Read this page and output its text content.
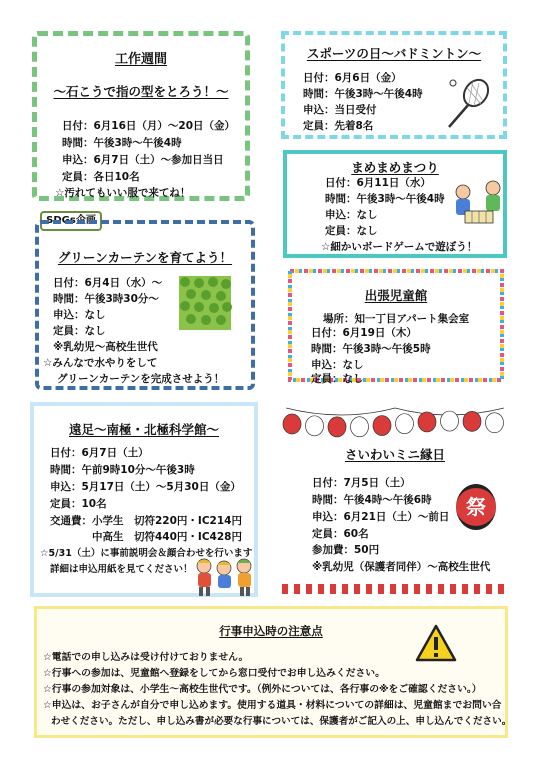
工作週間
～石こうで指の型をとろう！～
日付：6月16日（月）～20日（金）
時間：午後3時～午後4時
申込：6月7日（土）～参加日当日
定員：各日10名
☆汚れてもいい服で来てね！
スポーツの日～バドミントン～
日付：6月6日（金）
時間：午後3時～午後4時
申込：当日受付
定員：先着8名
まめまめまつり
日付：6月11日（水）
時間：午後3時～午後4時
申込：なし
定員：なし
☆細かいボードゲームで遊ぼう！
SDGs企画
グリーンカーテンを育てよう！
日付：6月4日（水）～
時間：午後3時30分～
申込：なし
定員：なし
※乳幼児～高校生世代
☆みんなで水やりをして
グリーンカーテンを完成させよう！
出張児童館
場所：知一丁目アパート集会室
日付：6月19日（木）
時間：午後3時～午後5時
申込：なし
定員：なし
遠足～南極・北極科学館～
日付：6月7日（土）
時間：午前9時10分～午後3時
申込：5月17日（土）～5月30日（金）
定員：10名
交通費：小学生　切符220円・IC214円
中高生　切符440円・IC428円
☆5/31（土）に事前説明会＆顔合わせを行います
詳細は申込用紙を見てください！
さいわいミニ縁日
日付：7月5日（土）
時間：午後4時～午後6時
申込：6月21日（土）～前日
定員：60名
参加費：50円
※乳幼児（保護者同伴）～高校生世代
祭
行事申込時の注意点
☆電話での申し込みは受け付けておりません。
☆行事への参加は、児童館へ登録をしてから窓口受付でお申し込みください。
☆行事の参加対象は、小学生～高校生世代です。（例外については、各行事の※をご確認ください。）
☆申込は、お子さんが自分で申し込めます。使用する道具・材料についての詳細は、児童館までお問い合
わせください。ただし、申し込み書が必要な行事については、保護者がご記入の上、申し込んでください。
